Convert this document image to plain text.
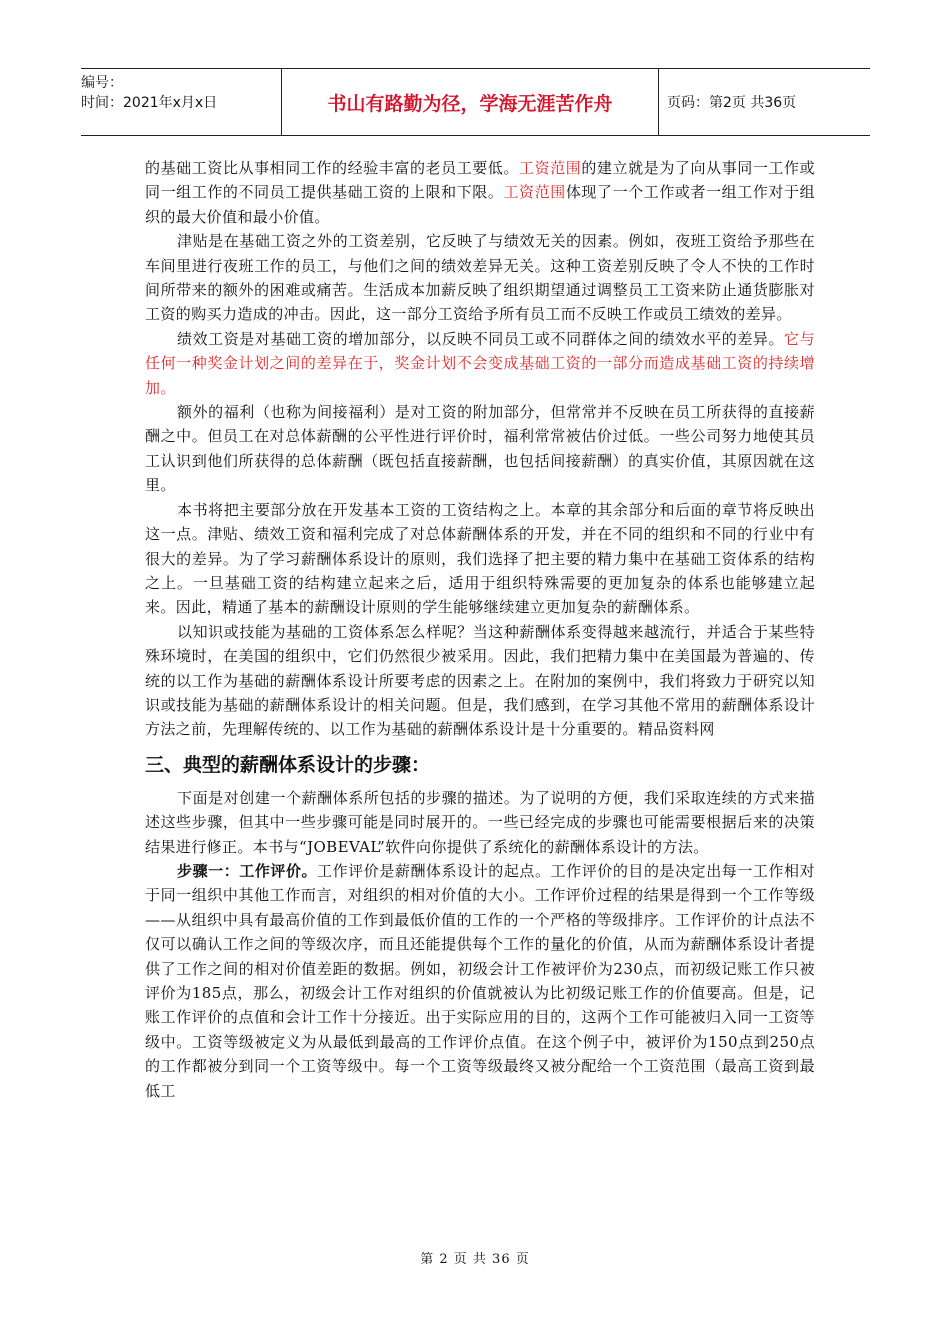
编号：
时间：2021年x月x日	书山有路勤为径，学海无涯苦作舟	页码：第2页 共36页

的基础工资比从事相同工作的经验丰富的老员工要低。工资范围的建立就是为了向从事同一工作或同一组工作的不同员工提供基础工资的上限和下限。工资范围体现了一个工作或者一组工作对于组织的最大价值和最小价值。

津贴是在基础工资之外的工资差别，它反映了与绩效无关的因素。例如，夜班工资给予那些在车间里进行夜班工作的员工，与他们之间的绩效差异无关。这种工资差别反映了令人不快的工作时间所带来的额外的困难或痛苦。生活成本加薪反映了组织期望通过调整员工工资来防止通货膨胀对工资的购买力造成的冲击。因此，这一部分工资给予所有员工而不反映工作或员工绩效的差异。

绩效工资是对基础工资的增加部分，以反映不同员工或不同群体之间的绩效水平的差异。它与任何一种奖金计划之间的差异在于，奖金计划不会变成基础工资的一部分而造成基础工资的持续增加。

额外的福利（也称为间接福利）是对工资的附加部分，但常常并不反映在员工所获得的直接薪酬之中。但员工在对总体薪酬的公平性进行评价时，福利常常被估价过低。一些公司努力地使其员工认识到他们所获得的总体薪酬（既包括直接薪酬，也包括间接薪酬）的真实价值，其原因就在这里。

本书将把主要部分放在开发基本工资的工资结构之上。本章的其余部分和后面的章节将反映出这一点。津贴、绩效工资和福利完成了对总体薪酬体系的开发，并在不同的组织和不同的行业中有很大的差异。为了学习薪酬体系设计的原则，我们选择了把主要的精力集中在基础工资体系的结构之上。一旦基础工资的结构建立起来之后，适用于组织特殊需要的更加复杂的体系也能够建立起来。因此，精通了基本的薪酬设计原则的学生能够继续建立更加复杂的薪酬体系。

以知识或技能为基础的工资体系怎么样呢？当这种薪酬体系变得越来越流行，并适合于某些特殊环境时，在美国的组织中，它们仍然很少被采用。因此，我们把精力集中在美国最为普遍的、传统的以工作为基础的薪酬体系设计所要考虑的因素之上。在附加的案例中，我们将致力于研究以知识或技能为基础的薪酬体系设计的相关问题。但是，我们感到，在学习其他不常用的薪酬体系设计方法之前，先理解传统的、以工作为基础的薪酬体系设计是十分重要的。精品资料网

三、典型的薪酬体系设计的步骤：

下面是对创建一个薪酬体系所包括的步骤的描述。为了说明的方便，我们采取连续的方式来描述这些步骤，但其中一些步骤可能是同时展开的。一些已经完成的步骤也可能需要根据后来的决策结果进行修正。本书与“JOBEVAL”软件向你提供了系统化的薪酬体系设计的方法。

步骤一：工作评价。工作评价是薪酬体系设计的起点。工作评价的目的是决定出每一工作相对于同一组织中其他工作而言，对组织的相对价值的大小。工作评价过程的结果是得到一个工作等级——从组织中具有最高价值的工作到最低价值的工作的一个严格的等级排序。工作评价的计点法不仅可以确认工作之间的等级次序，而且还能提供每个工作的量化的价值，从而为薪酬体系设计者提供了工作之间的相对价值差距的数据。例如，初级会计工作被评价为230点，而初级记账工作只被评价为185点，那么，初级会计工作对组织的价值就被认为比初级记账工作的价值要高。但是，记账工作评价的点值和会计工作十分接近。出于实际应用的目的，这两个工作可能被归入同一工资等级中。工资等级被定义为从最低到最高的工作评价点值。在这个例子中，被评价为150点到250点的工作都被分到同一个工资等级中。每一个工资等级最终又被分配给一个工资范围（最高工资到最低工

第 2 页 共 36 页
